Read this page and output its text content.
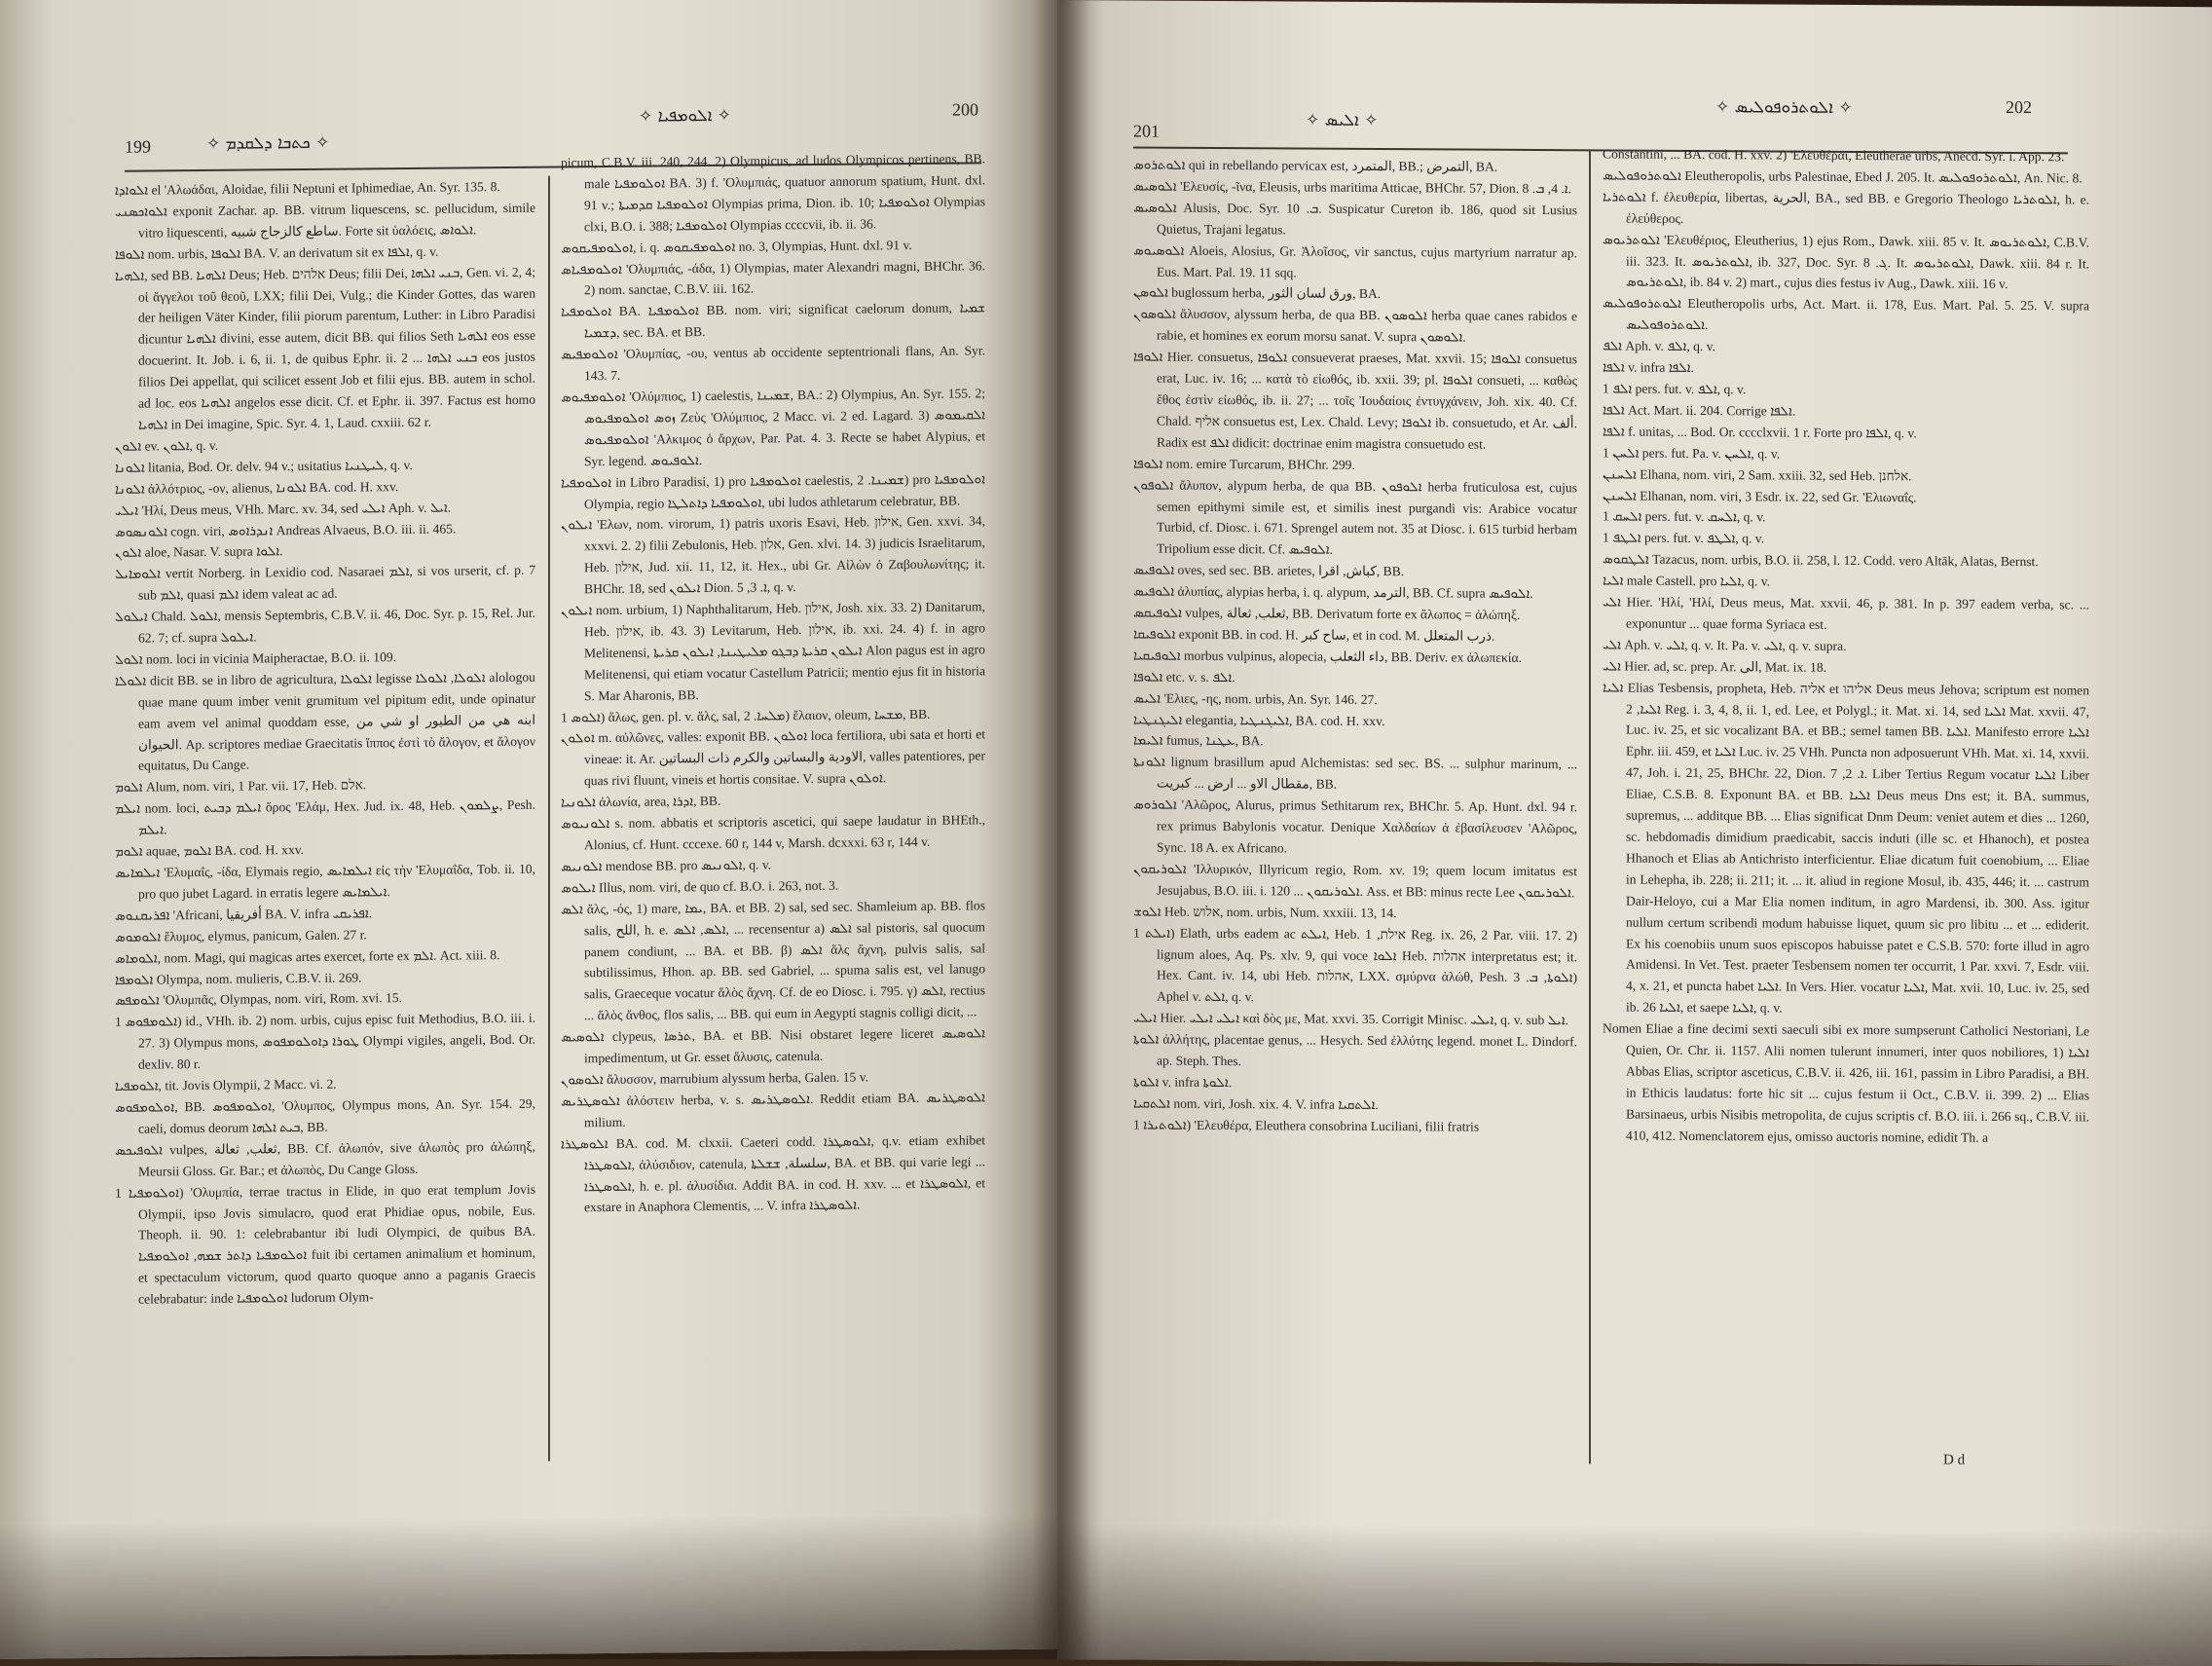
199	✧ ܟܬܒܐ ܕܠܩܕܡ ✧
✧ ܐܠܘܡܦܝܐ ✧	200

ܐܠܘܐܕܐ el 'Αλωάδαι, Aloidae, filii Neptuni et Iphimediae, An. Syr. 135. 8.

ܐܠܘܐܟܣܢܝ exponit Zachar. ap. BB. vitrum liquescens, sc. pellucidum, simile vitro liquescenti, ساطع كالزجاج شبيه. Forte sit ὑαλόεις, ܐܠܘܐܣ.

ܐܠܘܦܐ nom. urbis, ܐܠܘܦܐ BA. V. an derivatum sit ex ܐܠܦܐ, q. v.

ܐܠܗܝܐ, sed BB. ܐܠܗܝܐ Deus; Heb. אלהים Deus; filii Dei, ܒܢܝ ܐܠܗܐ, Gen. vi. 2, 4; οἱ ἄγγελοι τοῦ θεοῦ, LXX; filii Dei, Vulg.; die Kinder Gottes, das waren der heiligen Väter Kinder, filii piorum parentum, Luther: in Libro Paradisi dicuntur ܐܠܗܝܐ divini, esse autem, dicit BB. qui filios Seth ܐܠܗܝܐ eos esse docuerint. It. Job. i. 6, ii. 1, de quibus Ephr. ii. 2 ... ܒܢܝ ܐܠܗܐ eos justos filios Dei appellat, qui scilicet essent Job et filii ejus. BB. autem in schol. ad loc. eos ܐܠܗܝܐ angelos esse dicit. Cf. et Ephr. ii. 397. Factus est homo ܐܠܗܝܐ in Dei imagine, Spic. Syr. 4. 1, Laud. cxxiii. 62 r.

ܐܠܘܢ ev. ܐܠܘܢ, q. v.

ܐܠܘܢܐ litania, Bod. Or. delv. 94 v.; usitatius ܠܝܛܢܝܐ, q. v.

ܐܠܘܢܐ ἀλλότριος, -ον, alienus, ܐܠܘܢܐ BA. cod. H. xxv.

ܐܝܠܝ 'Ηλί, Deus meus, VHh. Marc. xv. 34, sed ܐܝܠܝ Aph. v. ܐܝܠ.

ܐܠܘܢܣܘܣ cogn. viri, ܐܢܕܪܐܘܣ Andreas Alvaeus, B.O. iii. ii. 465.

ܐܠܘܢ aloe, Nasar. V. supra ܐܠܘܐ.

ܐܠܘܡܐܝܠ vertit Norberg. in Lexidio cod. Nasaraei ܐܠܡ, si vos urserit, cf. p. 7 sub ܐܠܡ, quasi ܐܠܡ idem valeat ac ad.

ܐܝܠܘܠ Chald. ܐܠܘܠ, mensis Septembris, C.B.V. ii. 46, Doc. Syr. p. 15, Rel. Jur. 62. 7; cf. supra ܐܝܠܘܠ.

ܐܠܘܠ nom. loci in vicinia Maipheractae, B.O. ii. 109.

ܐܠܘܠܐ dicit BB. se in libro de agricultura, ܐܠܘܠܐ legisse ܐܠܘܠܐ, ܐܠܘܠܐ alologou quae mane quum imber venit grumitum vel pipitum edit, unde opinatur eam avem vel animal quoddam esse, ابنه هي من الطيور او شي من الحيوان. Ap. scriptores mediae Graecitatis ἵππος ἐστὶ τὸ ἄλογον, et ἄλογον equitatus, Du Cange.

ܐܠܘܡ Alum, nom. viri, 1 Par. vii. 17, Heb. אלם.

ܐܝܠܡ nom. loci, ܐܝܠܡ ܕܒܝܬ ὅρος 'Ελάμ, Hex. Jud. ix. 48, Heb. ܨܠܡܘܢ, Pesh. ܐܝܠܡ.

ܐܠܘܡ aquae, ܐܠܘܡ BA. cod. H. xxv.

ܐܝܠܡܐܝܣ 'Ελυμαΐς, -ίδα, Elymais regio, ܐܝܠܡܐܝܣ εἰς τὴν 'Ελυμαΐδα, Tob. ii. 10, pro quo jubet Lagard. in erratis legere ܐܝܠܡܐܝܣ.

ܐܦܪܝܩܢܘܣ 'Africani, أفريقيا BA. V. infra ܐܦܪܝܩܝ.

ܐܠܘܡܘܣ ἔλυμος, elymus, panicum, Galen. 27 r.

ܐܠܘܡܐܣ, nom. Magi, qui magicas artes exercet, forte ex ܐܠܡ. Act. xiii. 8.

ܐܠܘܡܦܐ Olympa, nom. mulieris, C.B.V. ii. 269.

ܐܠܘܡܦܣ 'Ολυμπᾶς, Olympas, nom. viri, Rom. xvi. 15.

ܐܠܘܡܦܘܣ 1) id., VHh. ib. 2) nom. urbis, cujus episc fuit Methodius, B.O. iii. i. 27. 3) Olympus mons, ܛܘܪܐ ܕܐܘܠܘܡܦܘܣ Olympi vigiles, angeli, Bod. Or. dexliv. 80 r.

ܐܠܘܡܦܝܐ, tit. Jovis Olympii, 2 Macc. vi. 2.

ܐܘܠܘܡܦܘܣ, BB. ܐܘܠܘܡܦܘܣ, 'Ολυμπος, Olympus mons, An. Syr. 154. 29, caeli, domus deorum ܒܝܬ ܐܠܗܐ, BB.

ܐܠܘܦܝܟܣ vulpes, ثعلب, ثعالة, BB. Cf. ἀλωπόν, sive ἀλωπὸς pro ἀλώπηξ, Meursii Gloss. Gr. Bar.; et ἀλωπὸς, Du Cange Gloss.

ܐܘܠܘܡܦܝܐ 1) 'Ολυμπία, terrae tractus in Elide, in quo erat templum Jovis Olympii, ipso Jovis simulacro, quod erat Phidiae opus, nobile, Eus. Theoph. ii. 90. 1: celebrabantur ibi ludi Olympici, de quibus BA. ܐܘܠܘܡܦܝܐ ܕܐܬܪ ܫܡܗ, ܐܘܠܘܡܦܝܐ fuit ibi certamen animalium et hominum, et spectaculum victorum, quod quarto quoque anno a paganis Graecis celebrabatur: inde ܐܘܠܘܡܦܝܐ ludorum Olym-

picum, C.B.V. iii. 240, 244. 2) Olympicus, ad ludos Olympicos pertinens, BB. male ܐܘܠܘܡܦܝܐ BA. 3) f. 'Ολυμπιάς, quatuor annorum spatium, Hunt. dxl. 91 v.; ܐܘܠܘܡܦܝܐ ܩܕܡܝܬܐ Olympias prima, Dion. ib. 10; ܐܘܠܘܡܦܝܐ Olympias clxi, B.O. i. 388; ܐܘܠܘܡܦܝܐ Olympias ccccvii, ib. ii. 36.

ܐܘܠܘܡܦܝܩܘܣ, i. q. ܐܘܠܘܡܦܝܩܘܣ no. 3, Olympias, Hunt. dxl. 91 v.

ܐܘܠܘܡܦܝܐܣ 'Ολυμπιάς, -άδα, 1) Olympias, mater Alexandri magni, BHChr. 36. 2) nom. sanctae, C.B.V. iii. 162.

ܐܘܠܘܡܦܝܐ BA. ܐܘܠܘܡܦܝܐ BB. nom. viri; significat caelorum donum, ܫܡܝܐ ܕܫܡܝܐ, sec. BA. et BB.

ܐܘܠܘܡܦܝܣ 'Ολυμπίας, -ου, ventus ab occidente septentrionali flans, An. Syr. 143. 7.

ܐܘܠܘܡܦܝܘܣ 'Ολύμπιος, 1) caelestis, ܫܡܝܢܐ, BA.: 2) Olympius, An. Syr. 155. 2; ܙܘܣ ܐܘܠܘܡܦܝܘܣ Ζεὺς 'Ολύμπιος, 2 Macc. vi. 2 ed. Lagard. 3) ܐܠܩܝܡܘܣ ܐܘܠܘܡܦܝܘܣ 'Αλκιμος ὁ ἄρχων, Par. Pat. 4. 3. Recte se habet Alypius, et Syr. legend. ܐܠܘܦܝܘܣ.

ܐܘܠܘܡܦܝܐ in Libro Paradisi, 1) pro ܐܘܠܘܡܦܝܐ caelestis, ܫܡܝܢܐ. 2) pro ܐܘܠܘܡܦܝܐ Olympia, regio ܐܘܠܘܡܦܝܐ ܕܐܬܠܛܐ, ubi ludos athletarum celebratur, BB.

ܐܝܠܘܢ 'Ελων, nom. virorum, 1) patris uxoris Esavi, Heb. אילון, Gen. xxvi. 34, xxxvi. 2. 2) filii Zebulonis, Heb. אלון, Gen. xlvi. 14. 3) judicis Israelitarum, Heb. אילון, Jud. xii. 11, 12, it. Hex., ubi Gr. Αἰλὼν ὁ Ζαβουλωνίτης; it. BHChr. 18, sed ܐܝܠܘܢ Dion. ܐ. 3, 5, q. v.

ܐܝܠܘܢ nom. urbium, 1) Naphthalitarum, Heb. אילון, Josh. xix. 33. 2) Danitarum, Heb. אילון, ib. 43. 3) Levitarum, Heb. אילון, ib. xxi. 24. 4) f. in agro Melitenensi, ܐܝܠܘܢ ܩܪܝܬܐ ܕܒܓܘ ܡܠܝܛܝܢܐ, ܐܝܠܘܢ ܩܪܝܬܐ Alon pagus est in agro Melitenensi, qui etiam vocatur Castellum Patricii; mentio ejus fit in historia S. Mar Aharonis, BB.

ܐܠܘܣ 1) ἅλως, gen. pl. v. ἅλς, sal, ܡܠܚܐ. 2) ἔλαιον, oleum, ܡܫܚܐ, BB.

ܐܘܠܘܢ m. αὐλῶνες, valles: exponit BB. ܐܘܠܘܢ loca fertiliora, ubi sata et horti et vineae: it. Ar. الاودية والبساتين والكرم ذات البساتين, valles patentiores, per quas rivi fluunt, vineis et hortis consitae. V. supra ܐܘܠܘܢ.

ܐܠܘܢܝܐ ἀλωνία, area, ܐܕܪܐ, BB.

ܐܠܘܢܝܘܣ s. nom. abbatis et scriptoris ascetici, qui saepe laudatur in BHEth., Alonius, cf. Hunt. cccexe. 60 r, 144 v, Marsh. dcxxxi. 63 r, 144 v.

ܐܠܘܢܝܣ mendose BB. pro ܐܠܘܢܝܣ, q. v.

ܐܝܠܘܣ Illus, nom. viri, de quo cf. B.O. i. 263, not. 3.

ܐܠܣ ἅλς, -ός, 1) mare, ܝܡܐ, BA. et BB. 2) sal, sed sec. Shamleium ap. BB. flos salis, اللح, h. e. ܐܠܣ, ܐܠܣ, ... recensentur a) ܐܠܣ sal pistoris, sal quocum panem condiunt, ... BA. et BB. β) ܐܠܣ ἅλς ἄχνη, pulvis salis, sal subtilissimus, Hhon. ap. BB. sed Gabriel, ... spuma salis est, vel lanugo salis, Graeceque vocatur ἅλὸς ἄχνη. Cf. de eo Diosc. i. 795. γ) ܐܠܣ, rectius ... ἅλὸς ἄνθος, flos salis, ... BB. qui eum in Aegypti stagnis colligi dicit, ...

ܐܠܘܣܝܣ clypeus, ܬܪܣܐ, BA. et BB. Nisi obstaret legere liceret ܐܠܘܣܝܣ impedimentum, ut Gr. esset ἅλυσις, catenula.

ܐܠܘܣܘܢ ἄλυσσον, marrubium alyssum herba, Galen. 15 v.

ܐܠܘܣܛܪܝܣ ἀλόστειν herba, v. s. ܐܠܘܣܛܪܝܣ. Reddit etiam BA. ܐܠܘܣܛܪܝܣ milium.

ܐܠܘܣܛܪܐ BA. cod. M. clxxii. Caeteri codd. ܐܠܘܣܛܪܐ, q.v. etiam exhibet ܐܠܘܣܛܪܐ, ἀλύσιδιον, catenula, سلسلة, ܫܫܠܬܐ, BA. et BB. qui varie legi ... ܐܠܘܣܛܪܐ, h. e. pl. ἀλυσίδια. Addit BA. in cod. H. xxv. ... et ܐܠܘܣܛܪܐ, et exstare in Anaphora Clementis, ... V. infra ܐܠܘܣܛܪܐ.

201
✧ ܐܠܝܣ ✧
✧ ܐܠܘܬܪܘܦܘܠܝܣ ✧	202

ܐܠܘܬܪܘܣ qui in rebellando pervicax est, المتمرد, BB.; التمرض, BA.

ܐܠܘܣܝܣ 'Ελευσίς, -ῖνα, Eleusis, urbs maritima Atticae, BHChr. 57, Dion. ܐ. 4, ܒ. 8.

ܐܠܘܣܝܣ Alusis, Doc. Syr. ܒ. 10. Suspicatur Cureton ib. 186, quod sit Lusius Quietus, Trajani legatus.

ܐܠܘܣܝܘܣ Aloeis, Alosius, Gr. Ἀλοῖσος, vir sanctus, cujus martyrium narratur ap. Eus. Mart. Pal. 19. 11 sqq.

ܐܠܘܣܢ buglossum herba, ورق لسان الثور, BA.

ܐܠܘܣܘܢ ἄλυσσον, alyssum herba, de qua BB. ܐܠܘܣܘܢ herba quae canes rabidos e rabie, et homines ex eorum morsu sanat. V. supra ܐܠܘܣܘܢ.

ܐܠܘܦܐ Hier. consuetus, ܐܠܘܦܐ consueverat praeses, Mat. xxvii. 15; ܐܠܘܦܐ consuetus erat, Luc. iv. 16; ... κατὰ τὸ εἰωθός, ib. xxii. 39; pl. ܐܠܘܦܐ consueti, ... καθὼς ἔθος ἐστὶν εἰωθός, ib. ii. 27; ... τοῖς Ἰουδαίοις ἐντυγχάνειν, Joh. xix. 40. Cf. Chald. אליף consuetus est, Lex. Chald. Levy; ܐܠܘܦܐ ib. consuetudo, et Ar. ألف. Radix est ܐܠܦ didicit: doctrinae enim magistra consuetudo est.

ܐܠܘܦܐ nom. emire Turcarum, BHChr. 299.

ܐܠܘܦܘܢ ἄλυπον, alypum herba, de qua BB. ܐܠܘܦܘܢ herba fruticulosa est, cujus semen epithymi simile est, et similis inest purgandi vis: Arabice vocatur Turbid, cf. Diosc. i. 671. Sprengel autem not. 35 at Diosc. i. 615 turbid herbam Tripolium esse dicit. Cf. ܐܠܘܦܝܣ.

ܐܠܘܦܝܣ oves, sed sec. BB. arietes, كباش, اقرا, BB.

ܐܠܘܦܝܣ ἀλυπίας, alypias herba, i. q. alypum, الترمد, BB. Cf. supra ܐܠܘܦܝܣ.

ܐܠܘܦܝܩܣ vulpes, ثعلب, ثعالة, BB. Derivatum forte ex ἄλωπος = ἀλώπηξ.

ܐܠܘܦܝܩܐ exponit BB. in cod. H. ساح كبر, et in cod. M. ذرب المتعلل.

ܐܠܘܦܝܩܝܐ morbus vulpinus, alopecia, داء الثعلب, BB. Deriv. ex ἀλωπεκία.

ܐܠܘܦܐ etc. v. s. ܐܠܦ.

ܐܠܝܣ 'Ελιες, -ης, nom. urbis, An. Syr. 146. 27.

ܐܠܝܓܢܛܝܐ elegantia, ܐܠܝܓܢܛܝܐ, BA. cod. H. xxv.

ܐܠܝܡܐ fumus, ܥܛܢܐ, BA.

ܐܠܘܢܬܐ lignum brasillum apud Alchemistas: sed sec. BS. ... sulphur marinum, ... مقطال الاو ... ارض ... كبريت, BB.

ܐܠܘܪܘܣ 'Αλῶρος, Alurus, primus Sethitarum rex, BHChr. 5. Ap. Hunt. dxl. 94 r. rex primus Babylonis vocatur. Denique Χαλδαίων ἀ ἐβασίλευσεν 'Αλῶρος, Sync. 18 A. ex Africano.

ܐܠܘܪܝܩܘܢ 'Ιλλυρικόν, Illyricum regio, Rom. xv. 19; quem locum imitatus est Jesujabus, B.O. iii. i. 120 ... ܐܠܘܪܝܩܘܢ. Ass. et BB: minus recte Lee ܐܠܘܪܝܩܘܢ.

ܐܠܘܫ Heb. אלוש, nom. urbis, Num. xxxiii. 13, 14.

ܐܝܠܬ 1) Elath, urbs eadem ac ܐܝܠܬ, Heb. אילת, 1 Reg. ix. 26, 2 Par. viii. 17. 2) lignum aloes, Aq. Ps. xlv. 9, qui voce ܐܠܘܐ Heb. אהלות interpretatus est; it. Hex. Cant. iv. 14, ubi Heb. אהלות, LXX. σμύρνα ἀλώθ, Pesh. ܐܠܘܬܐ, ܒ. 3) Aphel v. ܐܠܬ, q. v.

ܐܝܠܝ Hier. ܐܝܠܝ ܐܝܠܝ καὶ δὸς με, Mat. xxvi. 35. Corrigit Minisc. ܐܝܠܝ, q. v. sub ܐܝܠ.

ܐܠܘܬܐ ἀλλήτης, placentae genus, ... Hesych. Sed ἐλλύτης legend. monet L. Dindorf. ap. Steph. Thes.

ܐܠܘܬܐ v. infra ܐܠܘܬܐ.

ܐܠܬܩܝܐ nom. viri, Josh. xix. 4. V. infra ܐܠܬܩܝܐ.

ܐܠܘܬܝܪܐ 1) 'Ελευθέρα, Eleuthera consobrina Luciliani, filii fratris

Constantini, ... BA. cod. H. xxv. 2) 'Ελευθέραι, Eleutherae urbs, Anecd. Syr. i. App. 23.

ܐܠܘܬܪܘܦܘܠܝܣ Eleutheropolis, urbs Palestinae, Ebed J. 205. It. ܐܠܘܬܪܘܦܘܠܝܣ, An. Nic. 8.

ܐܠܘܬܪܝܐ f. ἐλευθερία, libertas, الحرية, BA., sed BB. e Gregorio Theologo ܐܠܘܬܪܝܐ, h. e. ἐλεύθερος.

ܐܠܘܬܪܝܘܣ 'Ελευθέριος, Eleutherius, 1) ejus Rom., Dawk. xiii. 85 v. It. ܐܠܘܬܪܝܘܣ, C.B.V. iii. 323. It. ܐܠܘܬܪܝܘܣ, ib. 327, Doc. Syr. ܓ. 8. It. ܐܠܘܬܪܝܘܣ, Dawk. xiii. 84 r. It. ܐܠܘܬܪܝܘܣ, ib. 84 v. 2) mart., cujus dies festus iv Aug., Dawk. xiii. 16 v.

ܐܠܘܬܪܘܦܘܠܝܣ Eleutheropolis urbs, Act. Mart. ii. 178, Eus. Mart. Pal. 5. 25. V. supra ܐܠܘܬܪܘܦܘܠܝܣ.

ܐܠܦ Aph. v. ܐܠܦ, q. v.

ܐܠܦܐ v. infra ܐܠܦܐ.

ܐܠܦ 1 pers. fut. v. ܐܠܦ, q. v.

ܐܠܦܐ Act. Mart. ii. 204. Corrige ܐܠܦܐ.

ܐܠܦܐ f. unitas, ... Bod. Or. cccclxvii. 1 r. Forte pro ܐܠܦܐ, q. v.

ܐܠܚܢ 1 pers. fut. Pa. v. ܐܠܚܢ, q. v.

ܐܠܚܢܢ Elhana, nom. viri, 2 Sam. xxiii. 32, sed Heb. אלחנן.

ܐܠܚܢܢ Elhanan, nom. viri, 3 Esdr. ix. 22, sed Gr. 'Ελιωναΐς.

ܐܠܚܩ 1 pers. fut. v. ܐܠܚܩ, q. v.

ܐܠܛܦ 1 pers. fut. v. ܐܠܛܦ, q. v.

ܐܠܛܩܘܣ Tazacus, nom. urbis, B.O. ii. 258, l. 12. Codd. vero Altāk, Alatas, Bernst.

ܐܠܝܐ male Castell. pro ܐܠܝܐ, q. v.

ܐܠܝ Hier. 'Ηλί, 'Ηλί, Deus meus, Mat. xxvii. 46, p. 381. In p. 397 eadem verba, sc. ... exponuntur ... quae forma Syriaca est.

ܐܠܝ Aph. v. ܐܠܝ, q. v. It. Pa. v. ܐܠܝ, q. v. supra.

ܐܠܝ Hier. ad, sc. prep. Ar. الى, Mat. ix. 18.

ܐܠܝܐ Elias Tesbensis, propheta, Heb. אליה et אליהו Deus meus Jehova; scriptum est nomen ܐܠܝܐ, 2 Reg. i. 3, 4, 8, ii. 1, ed. Lee, et Polygl.; it. Mat. xi. 14, sed ܐܠܝܐ Mat. xxvii. 47, Luc. iv. 25, et sic vocalizant BA. et BB.; semel tamen BB. ܐܠܝܐ. Manifesto errore ܐܠܝܐ Ephr. iii. 459, et ܐܠܝܐ Luc. iv. 25 VHh. Puncta non adposuerunt VHh. Mat. xi. 14, xxvii. 47, Joh. i. 21, 25, BHChr. 22, Dion. ܐ. 2, 7. Liber Tertius Regum vocatur ܐܠܝܐ Liber Eliae, C.S.B. 8. Exponunt BA. et BB. ܐܠܝܐ Deus meus Dns est; it. BA. summus, supremus, ... additque BB. ... Elias significat Dnm Deum: veniet autem et dies ... 1260, sc. hebdomadis dimidium praedicabit, saccis induti (ille sc. et Hhanoch), et postea Hhanoch et Elias ab Antichristo interficientur. Eliae dicatum fuit coenobium, ... Eliae in Lehepha, ib. 228; ii. 211; it. ... it. aliud in regione Mosul, ib. 435, 446; it. ... castrum Dair-Heloyo, cui a Mar Elia nomen inditum, in agro Mardensi, ib. 300. Ass. igitur nullum certum scribendi modum habuisse liquet, quum sic pro libitu ... et ... ediderit. Ex his coenobiis unum suos episcopos habuisse patet e C.S.B. 570: forte illud in agro Amidensi. In Vet. Test. praeter Tesbensem nomen ter occurrit, 1 Par. xxvi. 7, Esdr. viii. 4, x. 21, et puncta habet ܐܠܝܐ. In Vers. Hier. vocatur ܐܠܝܐ, Mat. xvii. 10, Luc. iv. 25, sed ib. 26 ܐܠܝܐ, et saepe ܐܠܝܐ, q. v.

Nomen Eliae a fine decimi sexti saeculi sibi ex more sumpserunt Catholici Nestoriani, Le Quien, Or. Chr. ii. 1157. Alii nomen tulerunt innumeri, inter quos nobiliores, 1) ܐܠܝܐ Abbas Elias, scriptor asceticus, C.B.V. ii. 426, iii. 161, passim in Libro Paradisi, a BH. in Ethicis laudatus: forte hic sit ... cujus festum ii Oct., C.B.V. ii. 399. 2) ... Elias Barsinaeus, urbis Nisibis metropolita, de cujus scriptis cf. B.O. iii. i. 266 sq., C.B.V. iii. 410, 412. Nomenclatorem ejus, omisso auctoris nomine, edidit Th. a

D d
